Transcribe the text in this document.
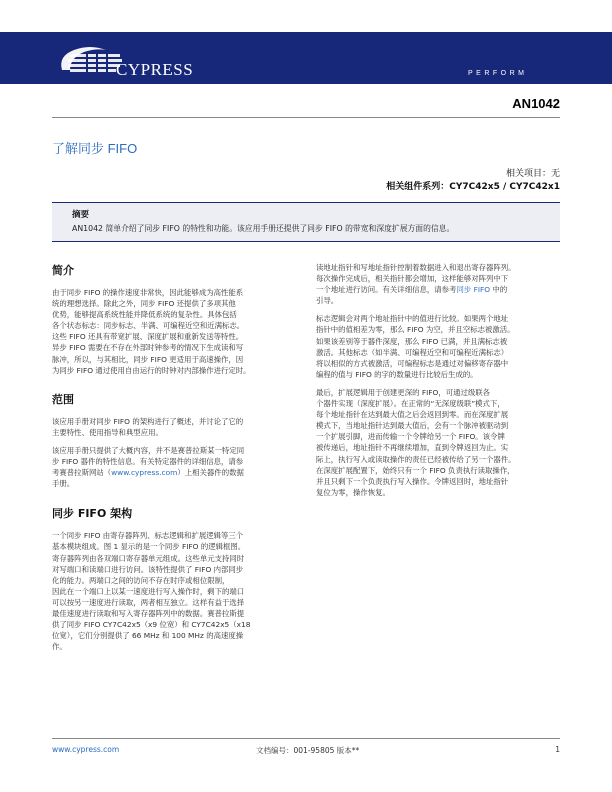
CYPRESS	PERFORM
AN1042
了解同步 FIFO
相关项目：无
相关组件系列：CY7C42x5 / CY7C42x1
摘要
AN1042 简单介绍了同步 FIFO 的特性和功能。该应用手册还提供了同步 FIFO 的带宽和深度扩展方面的信息。
简介

由于同步 FIFO 的操作速度非常快，因此能够成为高性能系

统的理想选择。除此之外，同步 FIFO 还提供了多项其他

优势，能够提高系统性能并降低系统的复杂性。具体包括

各个状态标志：同步标志、半满、可编程近空和近满标志。

这些 FIFO 还具有带宽扩展、深度扩展和重新发送等特性。

异步 FIFO 需要在不存在外部时钟参考的情况下生成读和写

脉冲，所以，与其相比，同步 FIFO 更适用于高速操作，因

为同步 FIFO 通过使用自由运行的时钟对内部操作进行定时。

范围

该应用手册对同步 FIFO 的架构进行了概述，并讨论了它的

主要特性、使用指导和典型应用。

该应用手册只提供了大概内容，并不是赛普拉斯某一特定同

步 FIFO 器件的特性信息。有关特定器件的详细信息，请参

考赛普拉斯网站（www.cypress.com）上相关器件的数据

手册。

同步 FIFO 架构

一个同步 FIFO 由寄存器阵列、标志逻辑和扩展逻辑等三个

基本模块组成。图 1 显示的是一个同步 FIFO 的逻辑框图。

寄存器阵列由各双端口寄存器单元组成。这些单元支持同时

对写端口和读端口进行访问。该特性提供了 FIFO 内部同步

化的能力。两端口之间的访问不存在时序或相位限制，

因此在一个端口上以某一速度进行写入操作时，剩下的端口

可以按另一速度进行读取，两者相互独立。这样有益于选择

最佳速度进行读取和写入寄存器阵列中的数据。赛普拉斯提

供了同步 FIFO CY7C42x5（x9 位宽）和 CY7C42x5（x18

位宽），它们分别提供了 66 MHz 和 100 MHz 的高速度操

作。

读地址指针和写地址指针控制着数据进入和退出寄存器阵列。

每次操作完成后，相关指针都会增加，这样能够对阵列中下

一个地址进行访问。有关详细信息，请参考同步 FIFO 中的

引导。

标志逻辑会对两个地址指针中的值进行比较。如果两个地址

指针中的值相差为零，那么 FIFO 为空，并且空标志被激活。

如果该差别等于器件深度，那么 FIFO 已满，并且满标志被

激活。其他标志（如半满、可编程近空和可编程近满标志）

将以相似的方式被激活，可编程标志是通过对偏移寄存器中

编程的值与 FIFO 的字的数量进行比较后生成的。

最后，扩展逻辑用于创建更深的 FIFO，可通过级联各

个器件实现（深度扩展）。在正常的“无深度级联”模式下，

每个地址指针在达到最大值之后会返回到零。而在深度扩展

模式下，当地址指针达到最大值后，会有一个脉冲被驱动到

一个扩展引脚，进而传输一个令牌给另一个 FIFO。该令牌

被传递后，地址指针不再继续增加，直到令牌返回为止。实

际上，执行写入或读取操作的责任已经被传给了另一个器件。

在深度扩展配置下，始终只有一个 FIFO 负责执行读取操作，

并且只剩下一个负责执行写入操作。令牌返回时，地址指针

复位为零，操作恢复。

www.cypress.com	文档编号：001-95805 版本**	1
